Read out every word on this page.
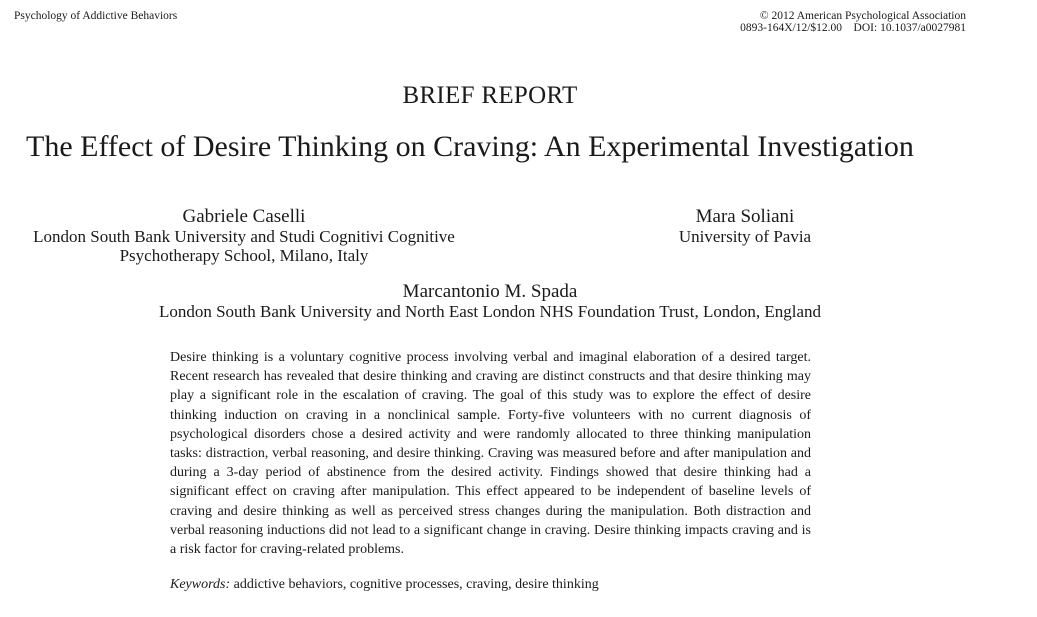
Psychology of Addictive Behaviors	© 2012 American Psychological Association
0893-164X/12/$12.00    DOI: 10.1037/a0027981
BRIEF REPORT
The Effect of Desire Thinking on Craving: An Experimental Investigation
Gabriele Caselli
London South Bank University and Studi Cognitivi Cognitive
Psychotherapy School, Milano, Italy
Mara Soliani
University of Pavia
Marcantonio M. Spada
London South Bank University and North East London NHS Foundation Trust, London, England
Desire thinking is a voluntary cognitive process involving verbal and imaginal elaboration of a desired target. Recent research has revealed that desire thinking and craving are distinct constructs and that desire thinking may play a significant role in the escalation of craving. The goal of this study was to explore the effect of desire thinking induction on craving in a nonclinical sample. Forty-five volunteers with no current diagnosis of psychological disorders chose a desired activity and were randomly allocated to three thinking manipulation tasks: distraction, verbal reasoning, and desire thinking. Craving was measured before and after manipulation and during a 3-day period of abstinence from the desired activity. Findings showed that desire thinking had a significant effect on craving after manipulation. This effect appeared to be independent of baseline levels of craving and desire thinking as well as perceived stress changes during the manipulation. Both distraction and verbal reasoning inductions did not lead to a significant change in craving. Desire thinking impacts craving and is a risk factor for craving-related problems.
Keywords: addictive behaviors, cognitive processes, craving, desire thinking
